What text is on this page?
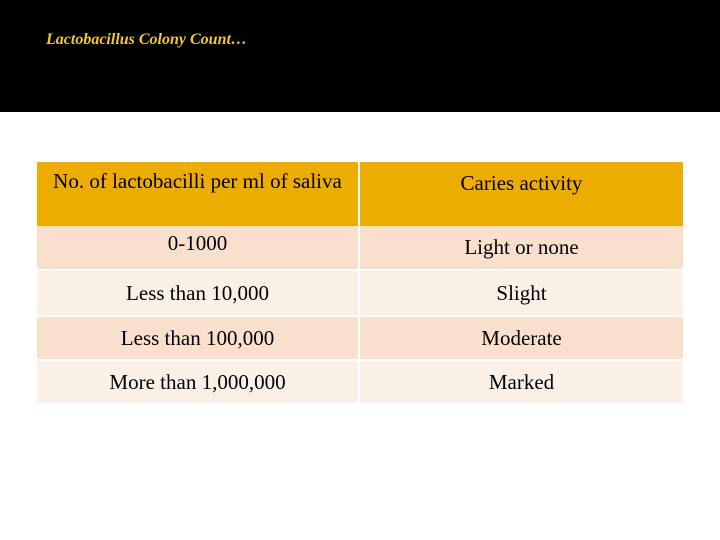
Lactobacillus Colony Count…
No. of lactobacilli per ml of saliva	Caries activity
0-1000	Light or none
Less than 10,000	Slight
Less than 100,000	Moderate
More than 1,000,000	Marked
